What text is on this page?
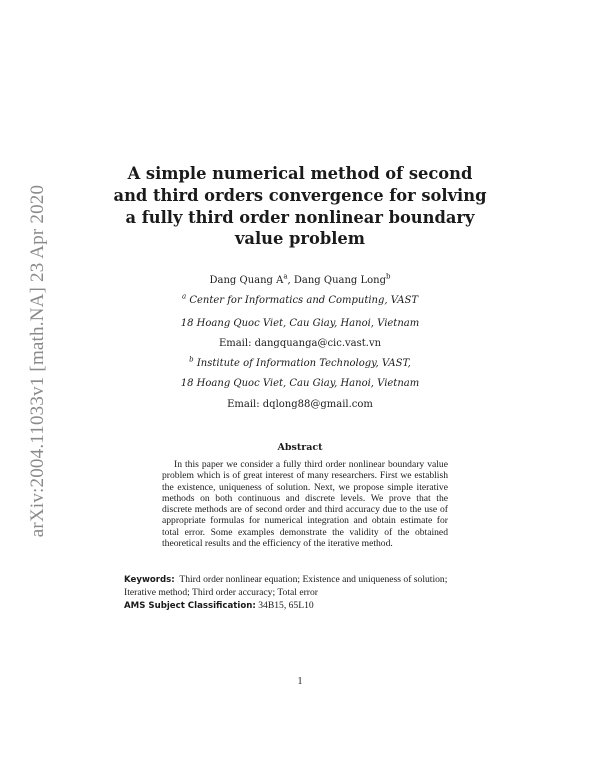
arXiv:2004.11033v1 [math.NA] 23 Apr 2020
A simple numerical method of second and third orders convergence for solving a fully third order nonlinear boundary value problem
Dang Quang $A^a$, Dang Quang Long$^b$
$^a$ Center for Informatics and Computing, VAST
18 Hoang Quoc Viet, Cau Giay, Hanoi, Vietnam
Email: dangquanga@cic.vast.vn
$^b$ Institute of Information Technology, VAST,
18 Hoang Quoc Viet, Cau Giay, Hanoi, Vietnam
Email: dqlong88@gmail.com
Abstract

In this paper we consider a fully third order nonlinear boundary value problem which is of great interest of many researchers. First we establish the existence, uniqueness of solution. Next, we propose simple iterative methods on both continuous and discrete levels. We prove that the discrete methods are of second order and third accuracy due to the use of appropriate formulas for numerical integration and obtain estimate for total error. Some examples demonstrate the validity of the obtained theoretical results and the efficiency of the iterative method.

Keywords: Third order nonlinear equation; Existence and uniqueness of solution; Iterative method; Third order accuracy; Total error

AMS Subject Classification: 34B15, 65L10

1
